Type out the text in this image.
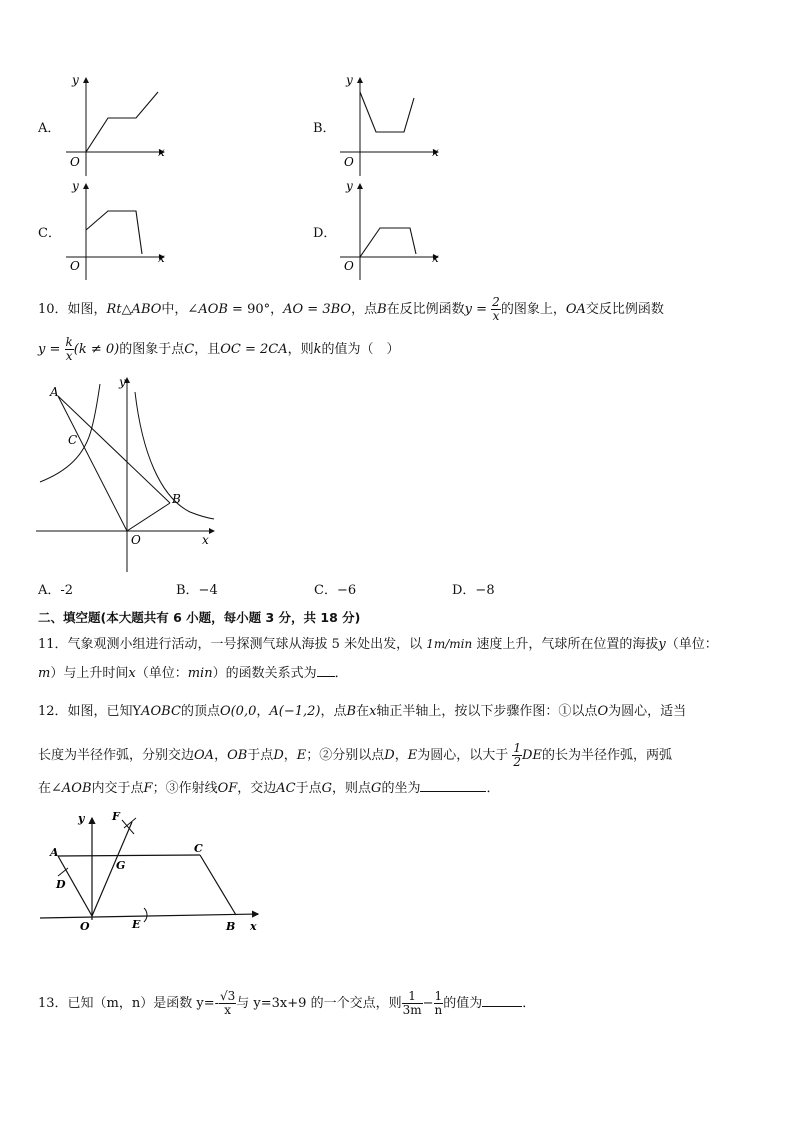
A．
y
x
O
B．
y
x
O
C．
y
x
O
D．
y
x
O
10．如图，Rt△ABO中，∠AOB = 90°，AO = 3BO，点B在反比例函数$y = \frac{2}{x}$ 的图象上，OA交反比例函数
$y = \frac{k}{x} (k \ne 0)$的图象于点C，且OC = 2CA，则k的值为（　）
A
C
B
O	x
y
A．-2	B．−4	C．−6	D．−8
二、填空题(本大题共有 6 小题，每小题 3 分，共 18 分)
11．气象观测小组进行活动，一号探测气球从海拔 5 米处出发，以 1m/min 速度上升，气球所在位置的海拔y（单位：
m）与上升时间x（单位：min）的函数关系式为 ．
12．如图，已知YAOBC的顶点O(0,0，A(−1,2)，点B在x轴正半轴上，按以下步骤作图：①以点O为圆心，适当
长度为半径作弧，分别交边OA，OB于点D，E；②分别以点D，E为圆心，以大于 $\frac{1}{2}$ DE的长为半径作弧，两弧
在∠AOB内交于点F；③作射线OF，交边AC于点G，则点G的坐为	．
F
y
A	C
G
D
O	E	B x
13．已知（m，n）是函数 $y=- \frac{√3}{x}$ 与 y=3x+9 的一个交点，则 $\frac{1}{3m} - \frac{1}{n}$ 的值为	．
